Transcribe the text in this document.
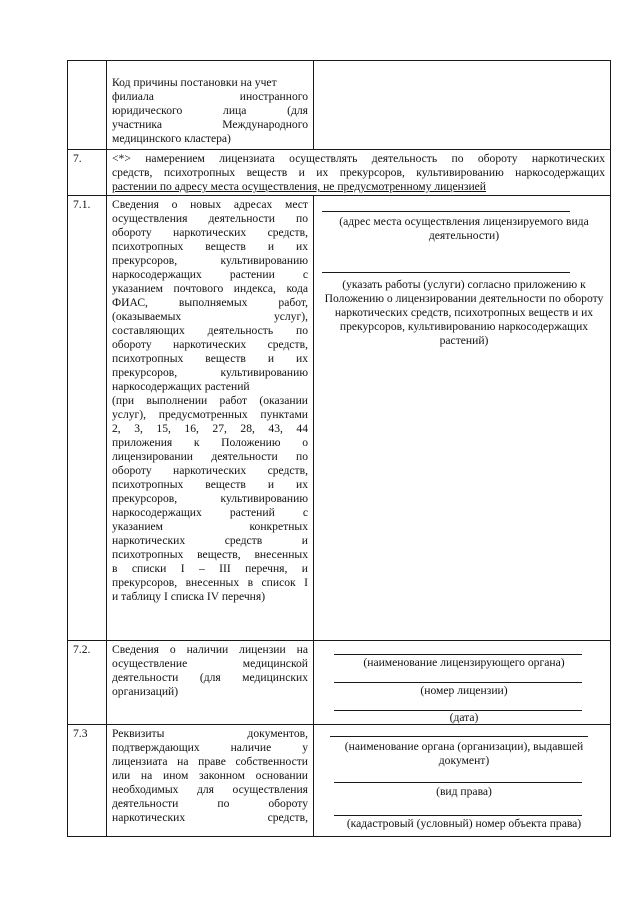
Код причины постановки на учет
филиала иностранного
юридического лица (для
участника Международного
медицинского кластера)
7.	<*> намерением лицензиата осуществлять деятельность по обороту наркотических
средств, психотропных веществ и их прекурсоров, культивированию наркосодержащих
растении по адресу места осуществления, не предусмотренному лицензией
7.1. Сведения о новых адресах мест
осуществления деятельности по
обороту наркотических средств,
психотропных веществ и их
прекурсоров, культивированию
наркосодержащих растении с
указанием почтового индекса, кода
ФИАС, выполняемых работ,
(оказываемых услуг),
составляющих деятельность по
обороту наркотических средств,
психотропных веществ и их
прекурсоров, культивированию
наркосодержащих растений
(при выполнении работ (оказании
услуг), предусмотренных пунктами
2, 3, 15, 16, 27, 28, 43, 44
приложения к Положению о
лицензировании деятельности по
обороту наркотических средств,
психотропных веществ и их
прекурсоров, культивированию
наркосодержащих растений с
указанием конкретных
наркотических средств и
психотропных веществ, внесенных
в списки I – III перечня, и
прекурсоров, внесенных в список I
и таблицу I списка IV перечня)
(адрес места осуществления лицензируемого вида деятельности)
(указать работы (услуги) согласно приложению к Положению о лицензировании деятельности по обороту наркотических средств, психотропных веществ и их прекурсоров, культивированию наркосодержащих растений)
7.2. Сведения о наличии лицензии на
осуществление медицинской
деятельности (для медицинских
организаций)
(наименование лицензирующего органа)
(номер лицензии)
(дата)
7.3 Реквизиты документов,
подтверждающих наличие у
лицензиата на праве собственности
или на ином законном основании
необходимых для осуществления
деятельности по обороту
наркотических средств,
(наименование органа (организации), выдавшей документ)
(вид права)
(кадастровый (условный) номер объекта права)
